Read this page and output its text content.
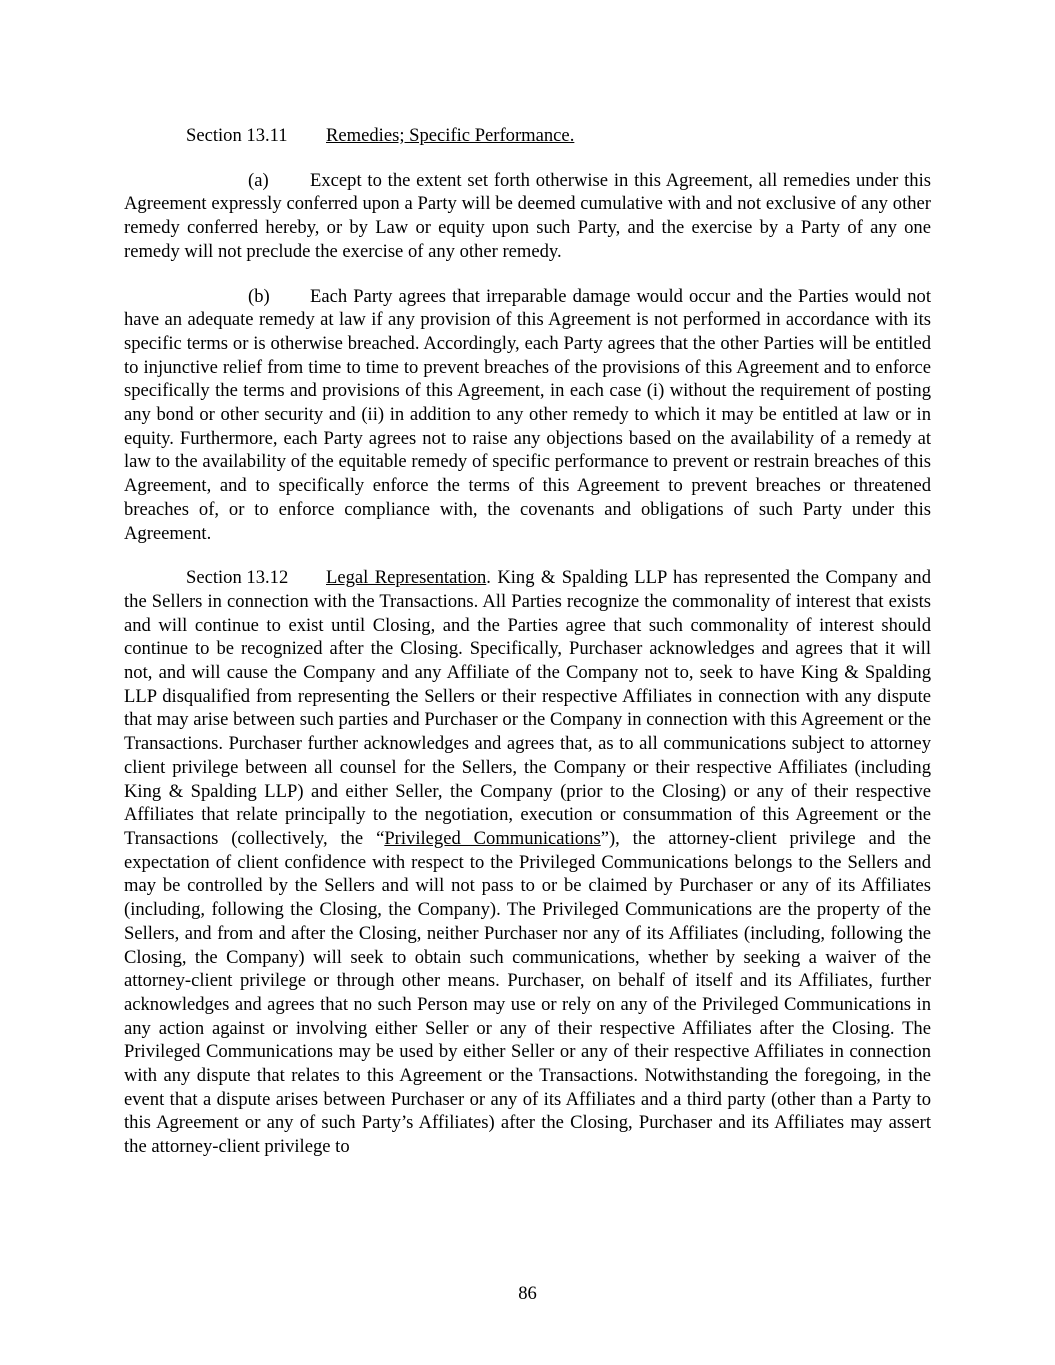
Section 13.11 Remedies; Specific Performance.

(a) Except to the extent set forth otherwise in this Agreement, all remedies under this Agreement expressly conferred upon a Party will be deemed cumulative with and not exclusive of any other remedy conferred hereby, or by Law or equity upon such Party, and the exercise by a Party of any one remedy will not preclude the exercise of any other remedy.

(b) Each Party agrees that irreparable damage would occur and the Parties would not have an adequate remedy at law if any provision of this Agreement is not performed in accordance with its specific terms or is otherwise breached. Accordingly, each Party agrees that the other Parties will be entitled to injunctive relief from time to time to prevent breaches of the provisions of this Agreement and to enforce specifically the terms and provisions of this Agreement, in each case (i) without the requirement of posting any bond or other security and (ii) in addition to any other remedy to which it may be entitled at law or in equity. Furthermore, each Party agrees not to raise any objections based on the availability of a remedy at law to the availability of the equitable remedy of specific performance to prevent or restrain breaches of this Agreement, and to specifically enforce the terms of this Agreement to prevent breaches or threatened breaches of, or to enforce compliance with, the covenants and obligations of such Party under this Agreement.

Section 13.12 Legal Representation. King & Spalding LLP has represented the Company and the Sellers in connection with the Transactions. All Parties recognize the commonality of interest that exists and will continue to exist until Closing, and the Parties agree that such commonality of interest should continue to be recognized after the Closing. Specifically, Purchaser acknowledges and agrees that it will not, and will cause the Company and any Affiliate of the Company not to, seek to have King & Spalding LLP disqualified from representing the Sellers or their respective Affiliates in connection with any dispute that may arise between such parties and Purchaser or the Company in connection with this Agreement or the Transactions. Purchaser further acknowledges and agrees that, as to all communications subject to attorney client privilege between all counsel for the Sellers, the Company or their respective Affiliates (including King & Spalding LLP) and either Seller, the Company (prior to the Closing) or any of their respective Affiliates that relate principally to the negotiation, execution or consummation of this Agreement or the Transactions (collectively, the “Privileged Communications”), the attorney-client privilege and the expectation of client confidence with respect to the Privileged Communications belongs to the Sellers and may be controlled by the Sellers and will not pass to or be claimed by Purchaser or any of its Affiliates (including, following the Closing, the Company). The Privileged Communications are the property of the Sellers, and from and after the Closing, neither Purchaser nor any of its Affiliates (including, following the Closing, the Company) will seek to obtain such communications, whether by seeking a waiver of the attorney-client privilege or through other means. Purchaser, on behalf of itself and its Affiliates, further acknowledges and agrees that no such Person may use or rely on any of the Privileged Communications in any action against or involving either Seller or any of their respective Affiliates after the Closing. The Privileged Communications may be used by either Seller or any of their respective Affiliates in connection with any dispute that relates to this Agreement or the Transactions. Notwithstanding the foregoing, in the event that a dispute arises between Purchaser or any of its Affiliates and a third party (other than a Party to this Agreement or any of such Party’s Affiliates) after the Closing, Purchaser and its Affiliates may assert the attorney-client privilege to

86
